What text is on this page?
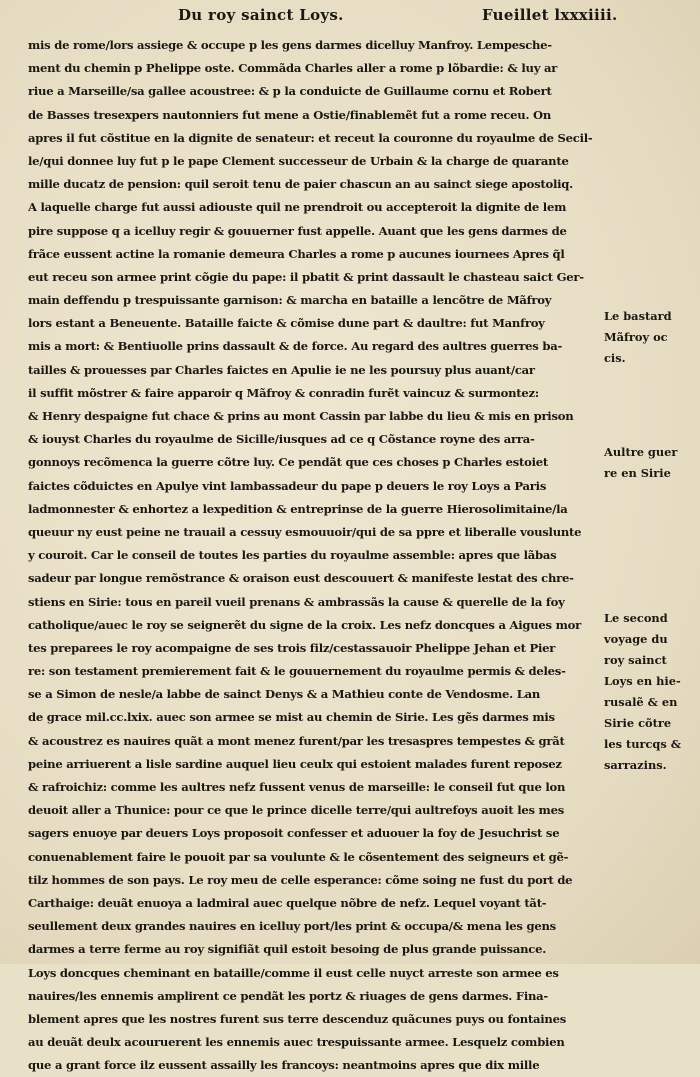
Du roy sainct Loys.	Fueillet lxxxiiii.
mis de rome/lors assiege & occupe p les gens darmes dicelluy Manfroy. Lempesche-
ment du chemin p Phelippe oste. Commãda Charles aller a rome p lõbardie: & luy ar
riue a Marseille/sa gallee acoustree: & p la conduicte de Guillaume cornu et Robert
de Basses tresexpers nautonniers fut mene a Ostie/finablemẽt fut a rome receu. On
apres il fut cõstitue en la dignite de senateur: et receut la couronne du royaulme de Secil-
le/qui donnee luy fut p le pape Clement successeur de Urbain & la charge de quarante
mille ducatz de pension: quil seroit tenu de paier chascun an au sainct siege apostoliq.
A laquelle charge fut aussi adiouste quil ne prendroit ou accepteroit la dignite de lem
pire suppose q a icelluy regir & gouuerner fust appelle. Auant que les gens darmes de
frãce eussent actine la romanie demeura Charles a rome p aucunes iournees Apres q̃l
eut receu son armee print cõgie du pape: il pbatit & print dassault le chasteau saict Ger-
main deffendu p trespuissante garnison: & marcha en bataille a lencõtre de Mãfroy
lors estant a Beneuente. Bataille faicte & cõmise dune part & daultre: fut Manfroy
mis a mort: & Bentiuolle prins dassault & de force. Au regard des aultres guerres ba-
tailles & prouesses par Charles faictes en Apulie ie ne les poursuy plus auant/car
il suffit mõstrer & faire apparoir q Mãfroy & conradin furẽt vaincuz & surmontez:
& Henry despaigne fut chace & prins au mont Cassin par labbe du lieu & mis en prison
& iouyst Charles du royaulme de Sicille/iusques ad ce q Cõstance royne des arra-
gonnoys recõmenca la guerre cõtre luy. Ce pendãt que ces choses p Charles estoiet
faictes cõduictes en Apulye vint lambassadeur du pape p deuers le roy Loys a Paris
ladmonnester & enhortez a lexpedition & entreprinse de la guerre Hierosolimitaine/la
queuur ny eust peine ne trauail a cessuy esmouuoir/qui de sa ppre et liberalle vouslunte
y couroit. Car le conseil de toutes les parties du royaulme assemble: apres que lãbas
sadeur par longue remõstrance & oraison eust descouuert & manifeste lestat des chre-
stiens en Sirie: tous en pareil vueil prenans & ambrassãs la cause & querelle de la foy
catholique/auec le roy se seignerẽt du signe de la croix. Les nefz doncques a Aigues mor
tes preparees le roy acompaigne de ses trois filz/cestassauoir Phelippe Jehan et Pier
re: son testament premierement fait & le gouuernement du royaulme permis & deles-
se a Simon de nesle/a labbe de sainct Denys & a Mathieu conte de Vendosme. Lan
de grace mil.cc.lxix. auec son armee se mist au chemin de Sirie. Les gẽs darmes mis
& acoustrez es nauires quãt a mont menez furent/par les tresaspres tempestes & grãt
peine arriuerent a lisle sardine auquel lieu ceulx qui estoient malades furent reposez
& rafroichiz: comme les aultres nefz fussent venus de marseille: le conseil fut que lon
deuoit aller a Thunice: pour ce que le prince dicelle terre/qui aultrefoys auoit les mes
sagers enuoye par deuers Loys proposoit confesser et aduouer la foy de Jesuchrist se
conuenablement faire le pouoit par sa voulunte & le cõsentement des seigneurs et gẽ-
tilz hommes de son pays. Le roy meu de celle esperance: cõme soing ne fust du port de
Carthaige: deuãt enuoya a ladmiral auec quelque nõbre de nefz. Lequel voyant tãt-
seullement deux grandes nauires en icelluy port/les print & occupa/& mena les gens
darmes a terre ferme au roy signifiãt quil estoit besoing de plus grande puissance.
Loys doncques cheminant en bataille/comme il eust celle nuyct arreste son armee es
nauires/les ennemis amplirent ce pendãt les portz & riuages de gens darmes. Fina-
blement apres que les nostres furent sus terre descenduz quãcunes puys ou fontaines
au deuãt deulx acouruerent les ennemis auec trespuissante armee. Lesquelz combien
que a grant force ilz eussent assailly les francoys: neantmoins apres que dix mille
Le bastard
Mãfroy oc
cis.
Aultre guer
re en Sirie
Le second
voyage du
roy sainct
Loys en hie-
rusalẽ & en
Sirie cõtre
les turcqs &
sarrazins.
